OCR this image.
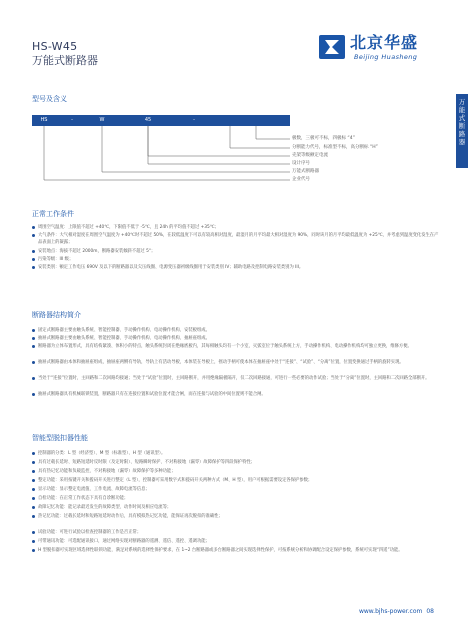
HS-W45
万能式断路器
北京华盛
Beijing Huasheng
万能式断路器
型号及含义
HS	-	W	45	-
极数，三极可不标，四极标 “4”
分断能力代号，标准型不标，高分断标 “H”
壳架等级额定电流
设计序号
万能式断路器
企业代号
正常工作条件
周围空气温度：上限值不超过 +40℃，下限值不低于 -5℃，且 24h 的平均值不超过 +35℃；
大气条件：大气相对湿度在周围空气温度为 +40℃时不超过 50%，在较低温度下可以有较高相对湿度，最湿月的月平均最大相对湿度为 90%，同时该月的月平均最低温度为 +25℃，并考虑到温度变化发生在产品表面上的凝露；
安装地点：海拔不超过 2000m，断路器安装倾斜不超过 5°；
污染等级：III 级；
安装类别：额定工作电压 690V 及以下的断路器以及欠压线圈、电源变压器初级线圈用于安装类别 IV；辅助电路及控制电路安装类别为 III。
断路器结构简介
固定式断路器主要由触头系统、智能控制器、手动操作机构、电动操作机构、安装板组成。
抽屉式断路器主要由触头系统、智能控制器、手动操作机构、电动操作机构、抽屉座组成。
断路器为立体布置形式，具有结构紧凑、体积小的特点，触头系统封闭在绝缘底板内，其每相触头均有一个小室，灭弧室位于触头系统上方，手动操作机构、电动操作机构均可独立更换，维修方便。
抽屉式断路器由本体和抽屉座组成，抽屉座两侧有导轨，导轨上有活动导板，本体装在导板上，摇动手柄可使本体在抽屉座中处于“连接”、“试验”、“分离”位置，位置变换通过手柄的旋转实现。
当处于“连接”位置时，主回路和二次回路均接通；当处于“试验”位置时，主回路断开，并用绝缘隔板隔开，仅二次回路接通，可进行一些必要的动作试验；当处于“分离”位置时，主回路和二次回路全部断开。
抽屉式断路器具有机械联锁装置，断路器只有在连接位置和试验位置才能合闸，而在连接与试验的中间位置则不能合闸。
智能型脱扣器性能
控制器的分类：L 型（经济型）、M 型（标准型）、H 型（通讯型）。
具有过载长延时、短路短延时反时限（及定时限）、短路瞬时保护、不对称接地（漏零）故障保护等四段保护特性；
具有热记忆功能和负载监控、不对称接地（漏零）故障保护等多种功能；
整定功能：采用按键开关和拨码开关进行整定（L 型），控制器可采用数字式和拨码开关两种方式（M、H 型），用户可根据需要设定各保护参数；
显示功能：显示整定电流值、工作电流、故障电流等信息；
自检功能：在正常工作状态下具有自诊断功能；
故障记忆功能：能记录最近发生的故障类型、动作时间及相应电流等；
热记忆功能：过载长延时和短路短延时动作后，具有模拟热记忆功能，能保证再次脱扣的准确性；
试验功能：可进行试验以检查控制器的工作是否正常；
可带通讯功能：可选配通讯接口，通过网络实现对断路器的遥测、遥信、遥控、遥调功能；
H 型脱扣器可实现区域选择性联锁功能，满足对系统的选择性保护要求，在 1~2 台断路器或多台断路器之间实现选择性保护，可按系统分析和协调配合设定保护参数，系统可实现“四遥”功能。
www.bjhs-power.com 08
